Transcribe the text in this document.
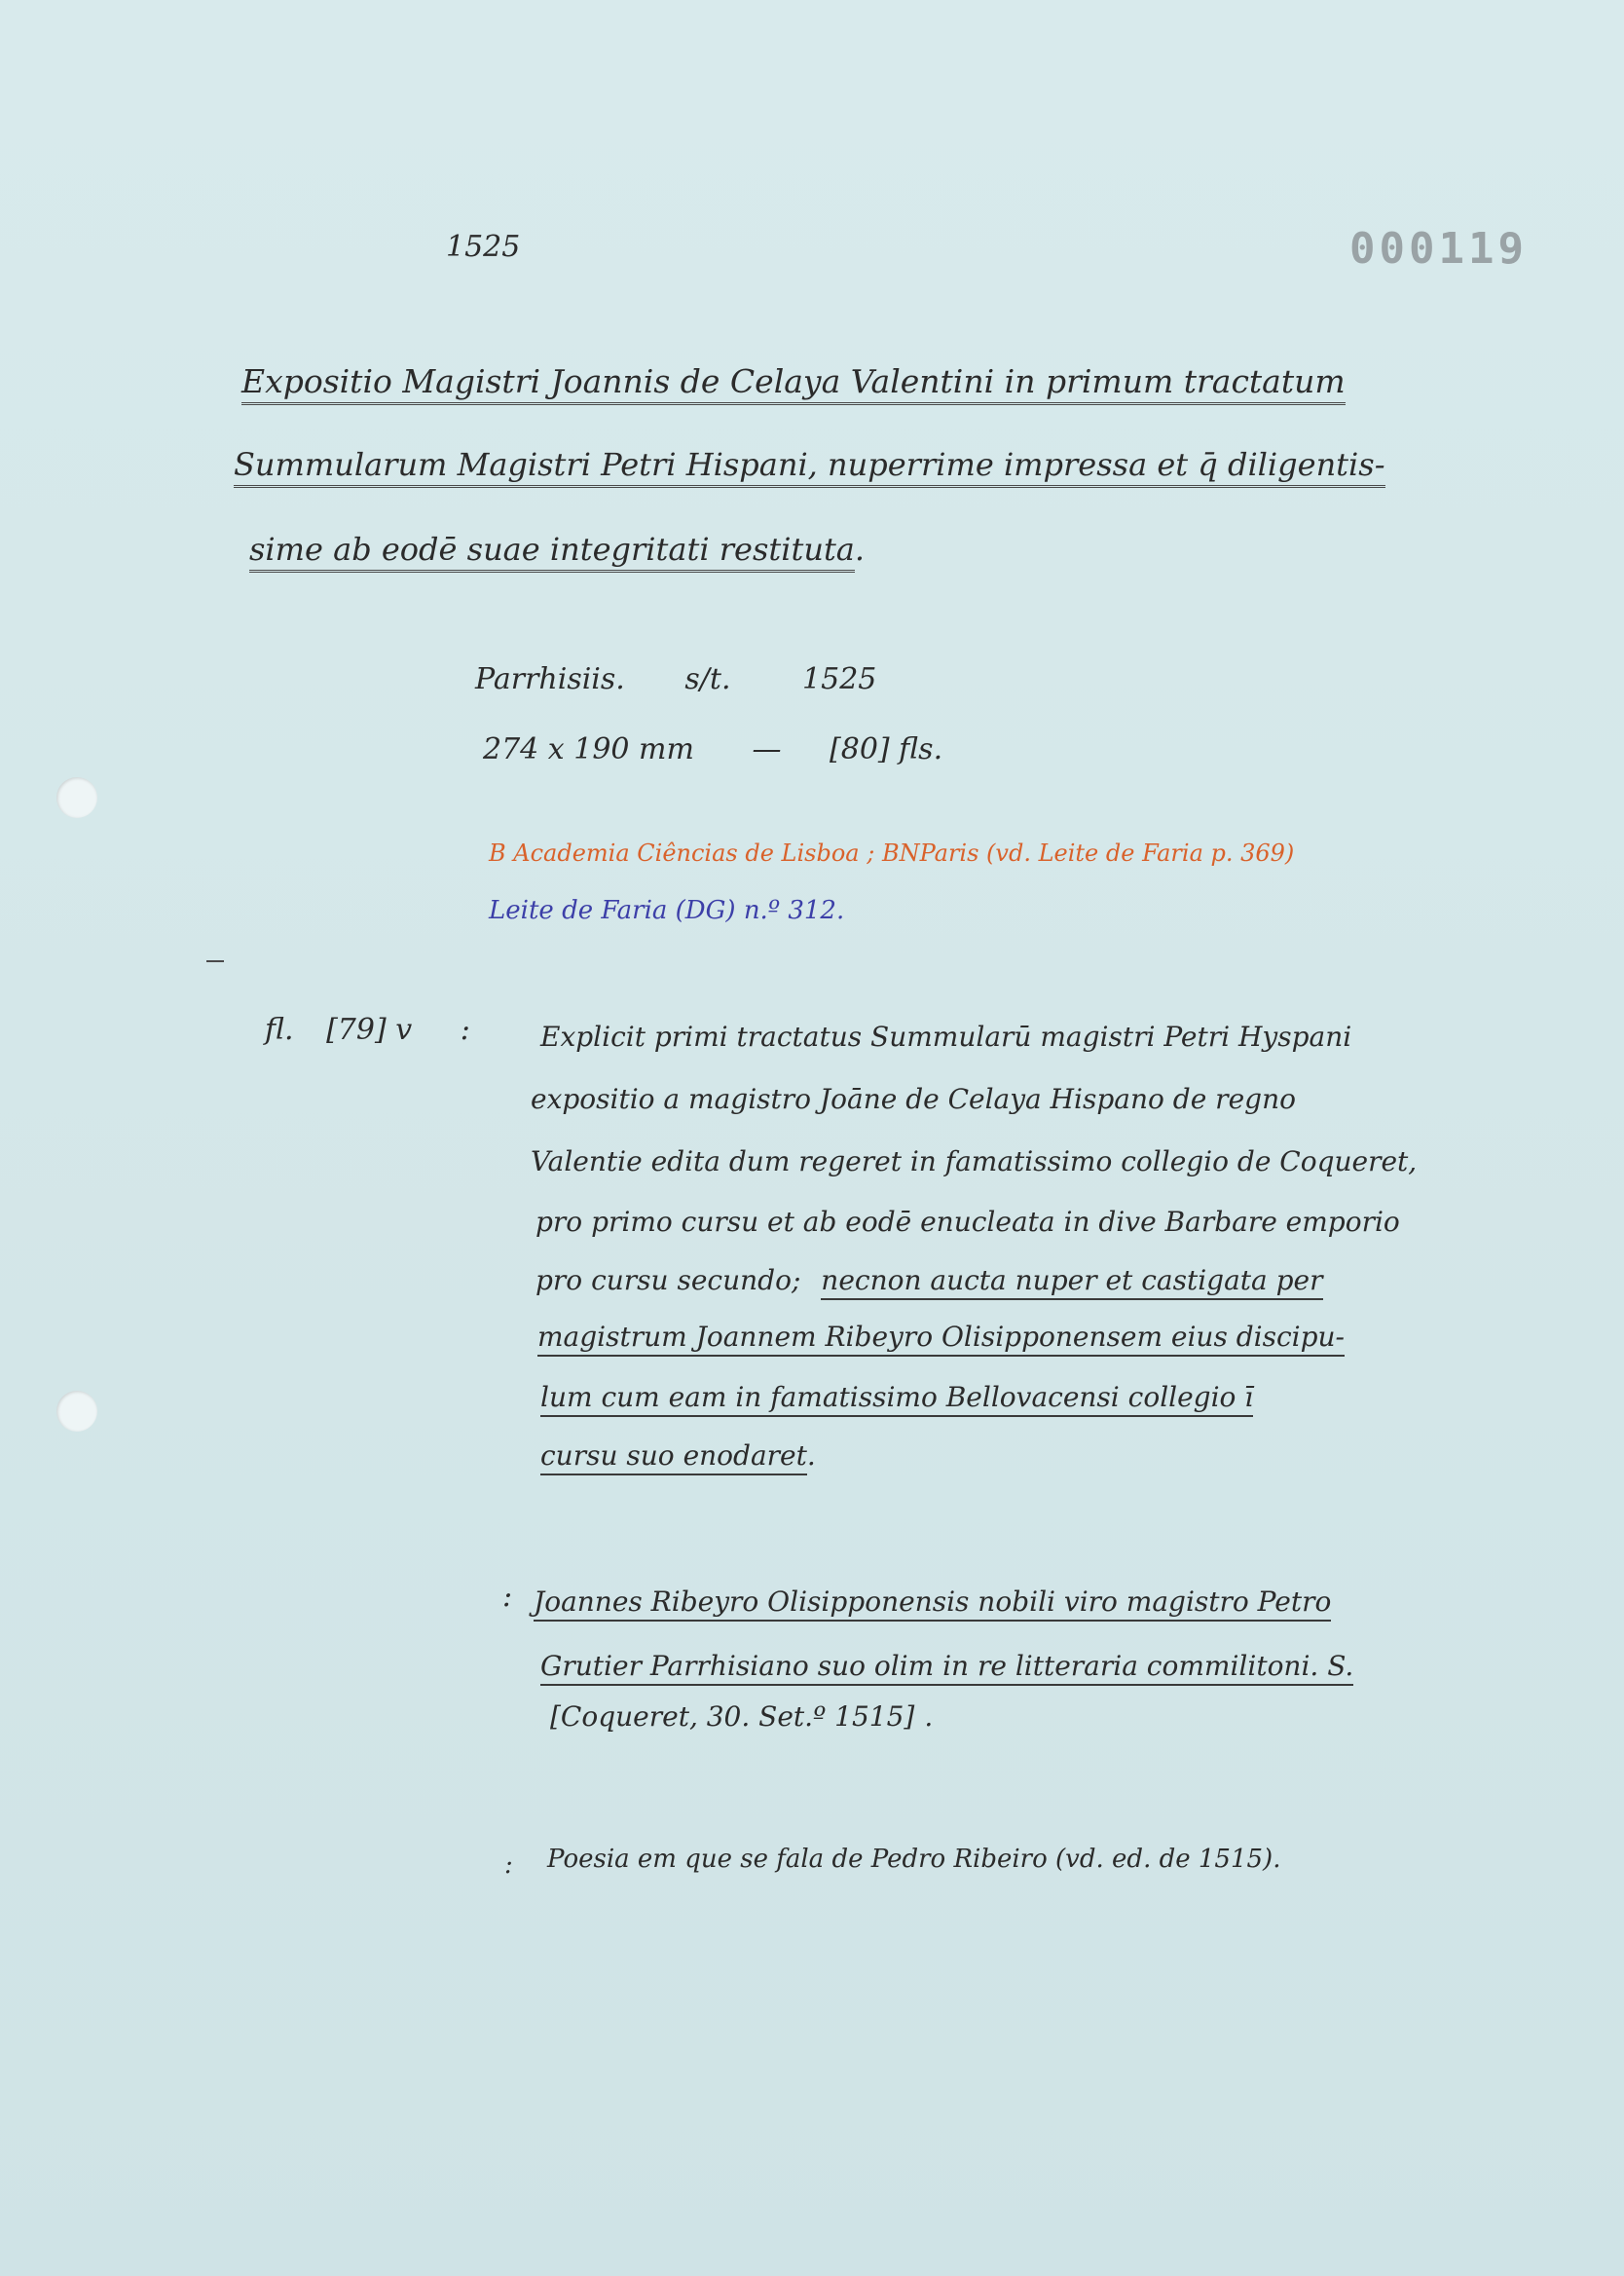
1525	000119
Expositio Magistri Joannis de Celaya Valentini in primum tractatum
Summularum Magistri Petri Hispani, nuperrime impressa et q̄ diligentis-
sime ab eodē suae integritati restituta.
Parrhisiis. s/t. 1525
274 x 190 mm — [80] fls.
B Academia Ciências de Lisboa ; BNParis (vd. Leite de Faria p. 369)
Leite de Faria (DG) n.º 312.
fl. [79] v :	Explicit primi tractatus Summularū magistri Petri Hyspani
expositio a magistro Joāne de Celaya Hispano de regno
Valentie edita dum regeret in famatissimo collegio de Coqueret,
pro primo cursu et ab eodē enucleata in dive Barbare emporio
pro cursu secundo; necnon aucta nuper et castigata per
magistrum Joannem Ribeyro Olisipponensem eius discipu-
lum cum eam in famatissimo Bellovacensi collegio ī
cursu suo enodaret.
: Joannes Ribeyro Olisipponensis nobili viro magistro Petro
Grutier Parrhisiano suo olim in re litteraria commilitoni. S.
[Coqueret, 30. Set.º 1515] .
: Poesia em que se fala de Pedro Ribeiro (vd. ed. de 1515).
